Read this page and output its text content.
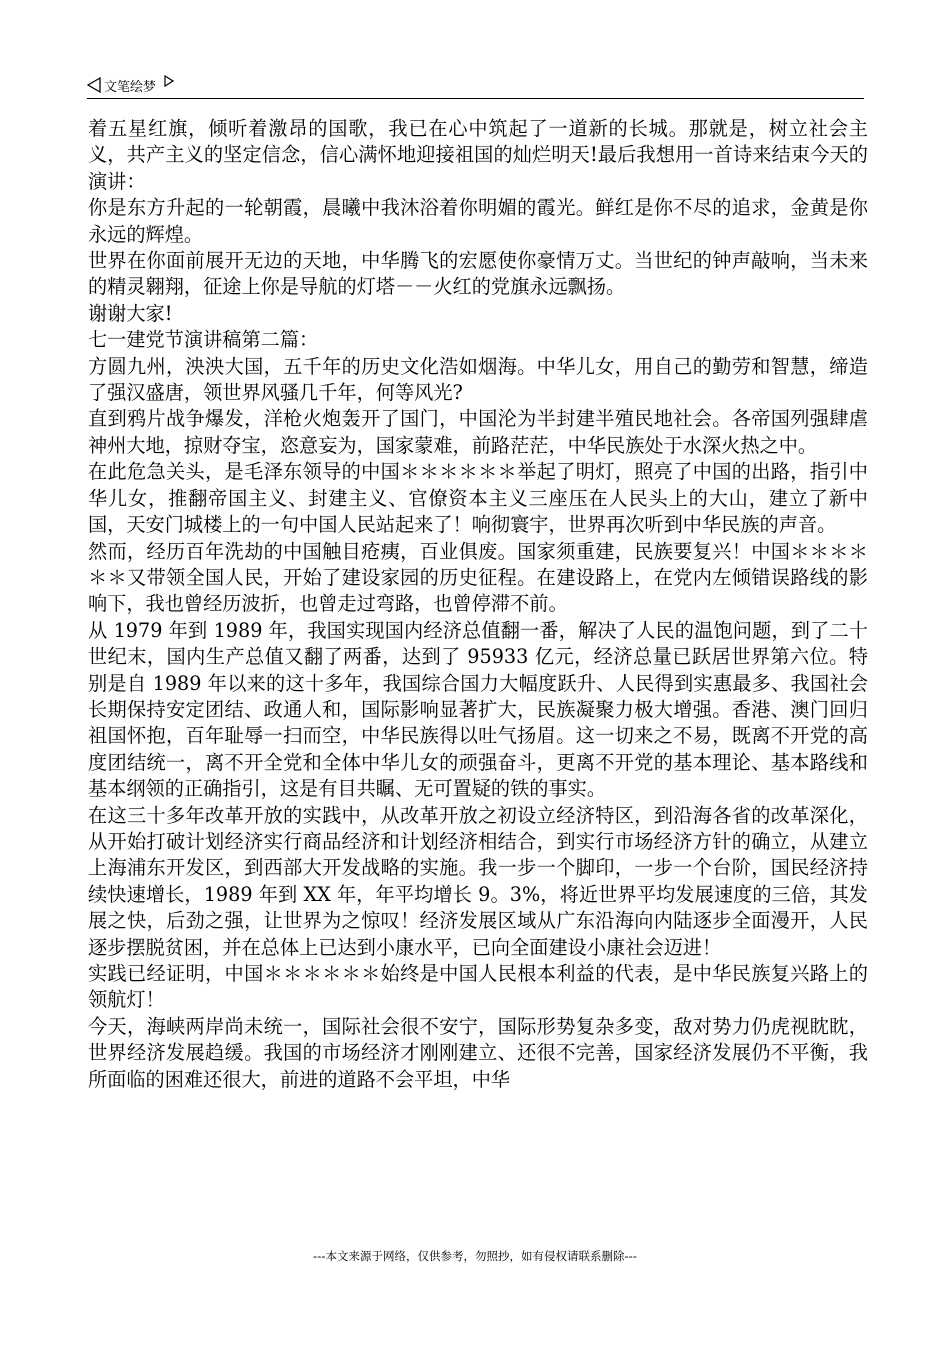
文笔绘梦

着五星红旗，倾听着激昂的国歌，我已在心中筑起了一道新的长城。那就是，树立社会主义，共产主义的坚定信念，信心满怀地迎接祖国的灿烂明天!最后我想用一首诗来结束今天的演讲：

你是东方升起的一轮朝霞，晨曦中我沐浴着你明媚的霞光。鲜红是你不尽的追求，金黄是你永远的辉煌。

世界在你面前展开无边的天地，中华腾飞的宏愿使你豪情万丈。当世纪的钟声敲响，当未来的精灵翱翔，征途上你是导航的灯塔－－火红的党旗永远飘扬。

谢谢大家!

七一建党节演讲稿第二篇：

方圆九州，泱泱大国，五千年的历史文化浩如烟海。中华儿女，用自己的勤劳和智慧，缔造了强汉盛唐，领世界风骚几千年，何等风光?

直到鸦片战争爆发，洋枪火炮轰开了国门，中国沦为半封建半殖民地社会。各帝国列强肆虐神州大地，掠财夺宝，恣意妄为，国家蒙难，前路茫茫，中华民族处于水深火热之中。

在此危急关头，是毛泽东领导的中国＊＊＊＊＊＊举起了明灯，照亮了中国的出路，指引中华儿女，推翻帝国主义、封建主义、官僚资本主义三座压在人民头上的大山，建立了新中国，天安门城楼上的一句中国人民站起来了！响彻寰宇，世界再次听到中华民族的声音。

然而，经历百年洗劫的中国触目疮痍，百业俱废。国家须重建，民族要复兴！中国＊＊＊＊＊＊又带领全国人民，开始了建设家园的历史征程。在建设路上，在党内左倾错误路线的影响下，我也曾经历波折，也曾走过弯路，也曾停滞不前。

从 1979 年到 1989 年，我国实现国内经济总值翻一番，解决了人民的温饱问题，到了二十世纪末，国内生产总值又翻了两番，达到了 95933 亿元，经济总量已跃居世界第六位。特别是自 1989 年以来的这十多年，我国综合国力大幅度跃升、人民得到实惠最多、我国社会长期保持安定团结、政通人和，国际影响显著扩大，民族凝聚力极大增强。香港、澳门回归祖国怀抱，百年耻辱一扫而空，中华民族得以吐气扬眉。这一切来之不易，既离不开党的高度团结统一，离不开全党和全体中华儿女的顽强奋斗，更离不开党的基本理论、基本路线和基本纲领的正确指引，这是有目共瞩、无可置疑的铁的事实。

在这三十多年改革开放的实践中，从改革开放之初设立经济特区，到沿海各省的改革深化，从开始打破计划经济实行商品经济和计划经济相结合，到实行市场经济方针的确立，从建立上海浦东开发区，到西部大开发战略的实施。我一步一个脚印，一步一个台阶，国民经济持续快速增长，1989 年到 XX 年，年平均增长 9。3%，将近世界平均发展速度的三倍，其发展之快，后劲之强，让世界为之惊叹！经济发展区域从广东沿海向内陆逐步全面漫开，人民逐步摆脱贫困，并在总体上已达到小康水平，已向全面建设小康社会迈进！

实践已经证明，中国＊＊＊＊＊＊始终是中国人民根本利益的代表，是中华民族复兴路上的领航灯！

今天，海峡两岸尚未统一，国际社会很不安宁，国际形势复杂多变，敌对势力仍虎视眈眈，世界经济发展趋缓。我国的市场经济才刚刚建立、还很不完善，国家经济发展仍不平衡，我所面临的困难还很大，前进的道路不会平坦，中华

---本文来源于网络，仅供参考，勿照抄，如有侵权请联系删除---
